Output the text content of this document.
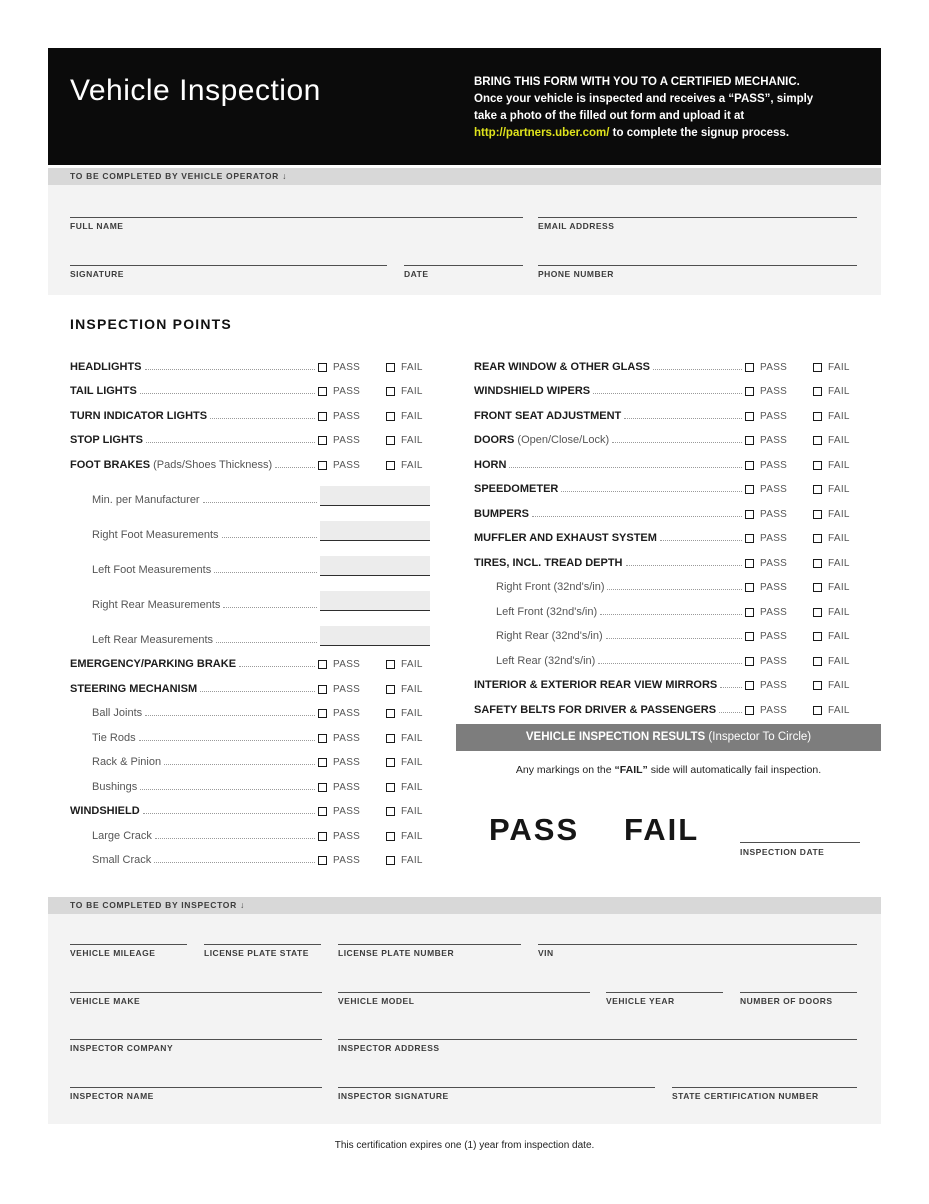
Vehicle Inspection	BRING THIS FORM WITH YOU TO A CERTIFIED MECHANIC.
Once your vehicle is inspected and receives a “PASS”, simply
take a photo of the filled out form and upload it at
http://partners.uber.com/ to complete the signup process.
TO BE COMPLETED BY VEHICLE OPERATOR ↓
FULL NAME	EMAIL ADDRESS
SIGNATURE	DATE	PHONE NUMBER
INSPECTION POINTS
HEADLIGHTS	PASS	FAIL
TAIL LIGHTS	PASS	FAIL
TURN INDICATOR LIGHTS	PASS	FAIL
STOP LIGHTS	PASS	FAIL
FOOT BRAKES (Pads/Shoes Thickness)	PASS	FAIL
Min. per Manufacturer
Right Foot Measurements
Left Foot Measurements
Right Rear Measurements
Left Rear Measurements
EMERGENCY/PARKING BRAKE	PASS	FAIL
STEERING MECHANISM	PASS	FAIL
Ball Joints	PASS	FAIL
Tie Rods	PASS	FAIL
Rack & Pinion	PASS	FAIL
Bushings	PASS	FAIL
WINDSHIELD	PASS	FAIL
Large Crack	PASS	FAIL
Small Crack	PASS	FAIL
REAR WINDOW & OTHER GLASS	PASS	FAIL
WINDSHIELD WIPERS	PASS	FAIL
FRONT SEAT ADJUSTMENT	PASS	FAIL
DOORS (Open/Close/Lock)	PASS	FAIL
HORN	PASS	FAIL
SPEEDOMETER	PASS	FAIL
BUMPERS	PASS	FAIL
MUFFLER AND EXHAUST SYSTEM	PASS	FAIL
TIRES, INCL. TREAD DEPTH	PASS	FAIL
Right Front (32nd's/in)	PASS	FAIL
Left Front (32nd's/in)	PASS	FAIL
Right Rear (32nd's/in)	PASS	FAIL
Left Rear (32nd's/in)	PASS	FAIL
INTERIOR & EXTERIOR REAR VIEW MIRRORS	PASS	FAIL
SAFETY BELTS FOR DRIVER & PASSENGERS	PASS	FAIL
VEHICLE INSPECTION RESULTS (Inspector To Circle)
Any markings on the “FAIL” side will automatically fail inspection.
PASS FAIL
INSPECTION DATE
TO BE COMPLETED BY INSPECTOR ↓
VEHICLE MILEAGE	LICENSE PLATE STATE	LICENSE PLATE NUMBER	VIN
VEHICLE MAKE	VEHICLE MODEL	VEHICLE YEAR	NUMBER OF DOORS
INSPECTOR COMPANY	INSPECTOR ADDRESS
INSPECTOR NAME	INSPECTOR SIGNATURE	STATE CERTIFICATION NUMBER
This certification expires one (1) year from inspection date.
